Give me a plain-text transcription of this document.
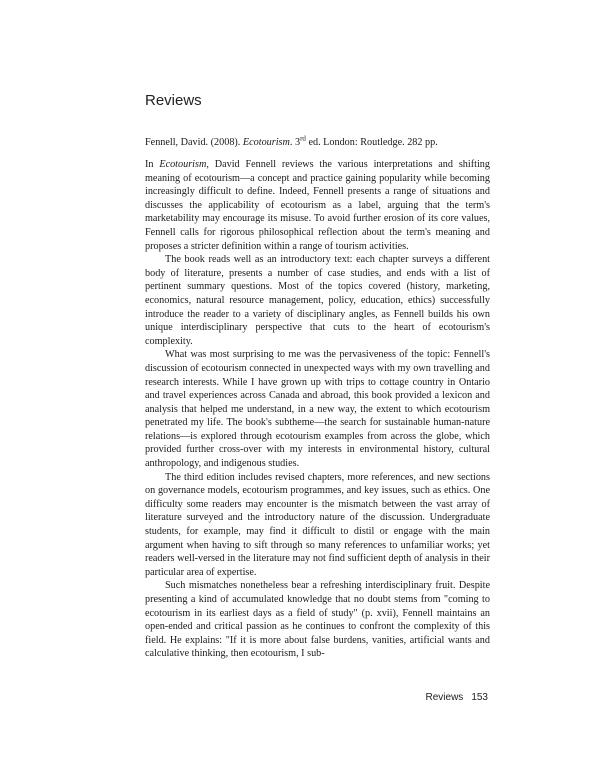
Reviews

Fennell, David. (2008). Ecotourism. 3rd ed. London: Routledge. 282 pp.

In Ecotourism, David Fennell reviews the various interpretations and shifting meaning of ecotourism—a concept and practice gaining popularity while becoming increasingly difficult to define. Indeed, Fennell presents a range of situations and discusses the applicability of ecotourism as a label, arguing that the term's marketability may encourage its misuse. To avoid further erosion of its core values, Fennell calls for rigorous philosophical reflection about the term's meaning and proposes a stricter definition within a range of tourism activities.

The book reads well as an introductory text: each chapter surveys a different body of literature, presents a number of case studies, and ends with a list of pertinent summary questions. Most of the topics covered (history, marketing, economics, natural resource management, policy, education, ethics) successfully introduce the reader to a variety of disciplinary angles, as Fennell builds his own unique interdisciplinary perspective that cuts to the heart of ecotourism's complexity.

What was most surprising to me was the pervasiveness of the topic: Fennell's discussion of ecotourism connected in unexpected ways with my own travelling and research interests. While I have grown up with trips to cottage country in Ontario and travel experiences across Canada and abroad, this book provided a lexicon and analysis that helped me understand, in a new way, the extent to which ecotourism penetrated my life. The book's subtheme—the search for sustainable human-nature relations—is explored through ecotourism examples from across the globe, which provided further cross-over with my interests in environmental history, cultural anthropology, and indigenous studies.

The third edition includes revised chapters, more references, and new sections on governance models, ecotourism programmes, and key issues, such as ethics. One difficulty some readers may encounter is the mismatch between the vast array of literature surveyed and the introductory nature of the discussion. Undergraduate students, for example, may find it difficult to distil or engage with the main argument when having to sift through so many references to unfamiliar works; yet readers well-versed in the literature may not find sufficient depth of analysis in their particular area of expertise.

Such mismatches nonetheless bear a refreshing interdisciplinary fruit. Despite presenting a kind of accumulated knowledge that no doubt stems from "coming to ecotourism in its earliest days as a field of study" (p. xvii), Fennell maintains an open-ended and critical passion as he continues to confront the complexity of this field. He explains: "If it is more about false burdens, vanities, artificial wants and calculative thinking, then ecotourism, I sub-

Reviews 153
